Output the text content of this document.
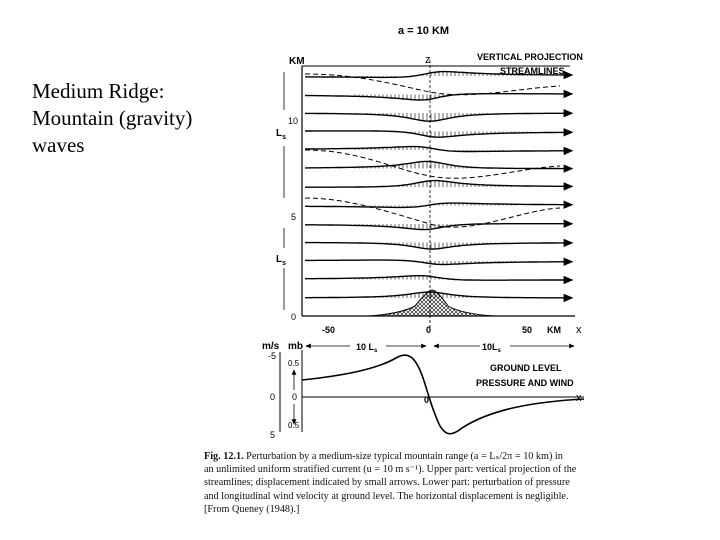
Medium Ridge:
Mountain (gravity)
waves
a = 10 KM
KM	z	VERTICAL PROJECTION
STREAMLINES
10
5
0
$L_s$
$L_s$
-50	0	50 KM x
m/s mb
-5
0
5
0.5
0
0.5
10 $L_s$	$10L_s$
GROUND LEVEL
PRESSURE AND WIND
0	x
Fig. 12.1. Perturbation by a medium-size typical mountain range (a = Lₛ/2π = 10 km) in
an unlimited uniform stratified current (u = 10 m s⁻¹). Upper part: vertical projection of the
streamlines; displacement indicated by small arrows. Lower part: perturbation of pressure
and longitudinal wind velocity at ground level. The horizontal displacement is negligible.
[From Queney (1948).]
